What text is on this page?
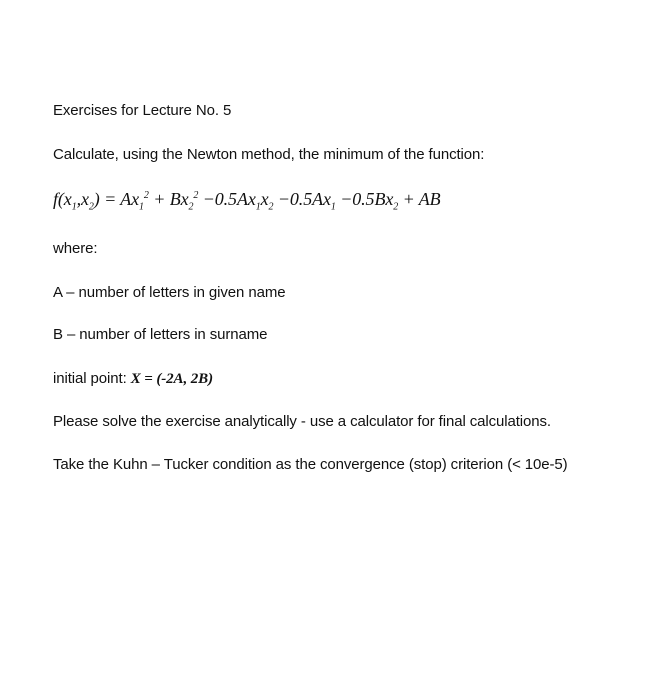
Exercises for Lecture No. 5
Calculate, using the Newton method, the minimum of the function:
$f(x_1,x_2) = Ax_1^2 + Bx_2^2 -0.5Ax_1x_2 -0.5Ax_1 -0.5Bx_2$ + AB
where:
A – number of letters in given name
B – number of letters in surname
initial point: X = (-2A, 2B)
Please solve the exercise analytically - use a calculator for final calculations.
Take the Kuhn – Tucker condition as the convergence (stop) criterion (< 10e-5)
